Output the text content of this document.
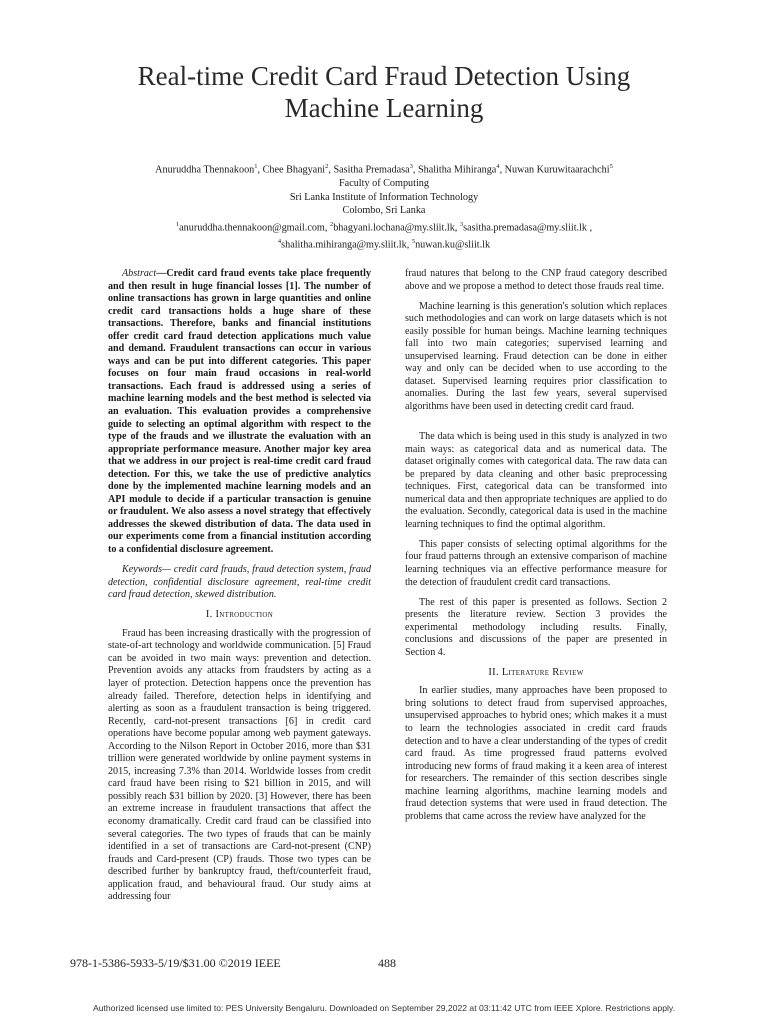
Real-time Credit Card Fraud Detection Using
Machine Learning
Anuruddha Thennakoon$^1$, Chee Bhagyani$^2$, Sasitha Premadasa$^3$, Shalitha Mihiranga$^4$, Nuwan Kuruwitaarachchi$^5$
Faculty of Computing
Sri Lanka Institute of Information Technology
Colombo, Sri Lanka
$^1$anuruddha.thennakoon@gmail.com, $^2$bhagyani.lochana@my.sliit.lk, $^3$sasitha.premadasa@my.sliit.lk ,
$^4$shalitha.mihiranga@my.sliit.lk, $^5$nuwan.ku@sliit.lk

Abstract—Credit card fraud events take place frequently and then result in huge financial losses [1]. The number of online transactions has grown in large quantities and online credit card transactions holds a huge share of these transactions. Therefore, banks and financial institutions offer credit card fraud detection applications much value and demand. Fraudulent transactions can occur in various ways and can be put into different categories. This paper focuses on four main fraud occasions in real-world transactions. Each fraud is addressed using a series of machine learning models and the best method is selected via an evaluation. This evaluation provides a comprehensive guide to selecting an optimal algorithm with respect to the type of the frauds and we illustrate the evaluation with an appropriate performance measure. Another major key area that we address in our project is real-time credit card fraud detection. For this, we take the use of predictive analytics done by the implemented machine learning models and an API module to decide if a particular transaction is genuine or fraudulent. We also assess a novel strategy that effectively addresses the skewed distribution of data. The data used in our experiments come from a financial institution according to a confidential disclosure agreement.

Keywords— credit card frauds, fraud detection system, fraud detection, confidential disclosure agreement, real-time credit card fraud detection, skewed distribution.

I. Introduction

Fraud has been increasing drastically with the progression of state-of-art technology and worldwide communication. [5] Fraud can be avoided in two main ways: prevention and detection. Prevention avoids any attacks from fraudsters by acting as a layer of protection. Detection happens once the prevention has already failed. Therefore, detection helps in identifying and alerting as soon as a fraudulent transaction is being triggered. Recently, card-not-present transactions [6] in credit card operations have become popular among web payment gateways. According to the Nilson Report in October 2016, more than $31 trillion were generated worldwide by online payment systems in 2015, increasing 7.3% than 2014. Worldwide losses from credit card fraud have been rising to $21 billion in 2015, and will possibly reach $31 billion by 2020. [3] However, there has been an extreme increase in fraudulent transactions that affect the economy dramatically. Credit card fraud can be classified into several categories. The two types of frauds that can be mainly identified in a set of transactions are Card-not-present (CNP) frauds and Card-present (CP) frauds. Those two types can be described further by bankruptcy fraud, theft/counterfeit fraud, application fraud, and behavioural fraud. Our study aims at addressing four

fraud natures that belong to the CNP fraud category described above and we propose a method to detect those frauds real time.

Machine learning is this generation's solution which replaces such methodologies and can work on large datasets which is not easily possible for human beings. Machine learning techniques fall into two main categories; supervised learning and unsupervised learning. Fraud detection can be done in either way and only can be decided when to use according to the dataset. Supervised learning requires prior classification to anomalies. During the last few years, several supervised algorithms have been used in detecting credit card fraud.

The data which is being used in this study is analyzed in two main ways: as categorical data and as numerical data. The dataset originally comes with categorical data. The raw data can be prepared by data cleaning and other basic preprocessing techniques. First, categorical data can be transformed into numerical data and then appropriate techniques are applied to do the evaluation. Secondly, categorical data is used in the machine learning techniques to find the optimal algorithm.

This paper consists of selecting optimal algorithms for the four fraud patterns through an extensive comparison of machine learning techniques via an effective performance measure for the detection of fraudulent credit card transactions.

The rest of this paper is presented as follows. Section 2 presents the literature review. Section 3 provides the experimental methodology including results. Finally, conclusions and discussions of the paper are presented in Section 4.

II. Literature Review

In earlier studies, many approaches have been proposed to bring solutions to detect fraud from supervised approaches, unsupervised approaches to hybrid ones; which makes it a must to learn the technologies associated in credit card frauds detection and to have a clear understanding of the types of credit card fraud. As time progressed fraud patterns evolved introducing new forms of fraud making it a keen area of interest for researchers. The remainder of this section describes single machine learning algorithms, machine learning models and fraud detection systems that were used in fraud detection. The problems that came across the review have analyzed for the

978-1-5386-5933-5/19/$31.00 ©2019 IEEE	488
Authorized licensed use limited to: PES University Bengaluru. Downloaded on September 29,2022 at 03:11:42 UTC from IEEE Xplore. Restrictions apply.
